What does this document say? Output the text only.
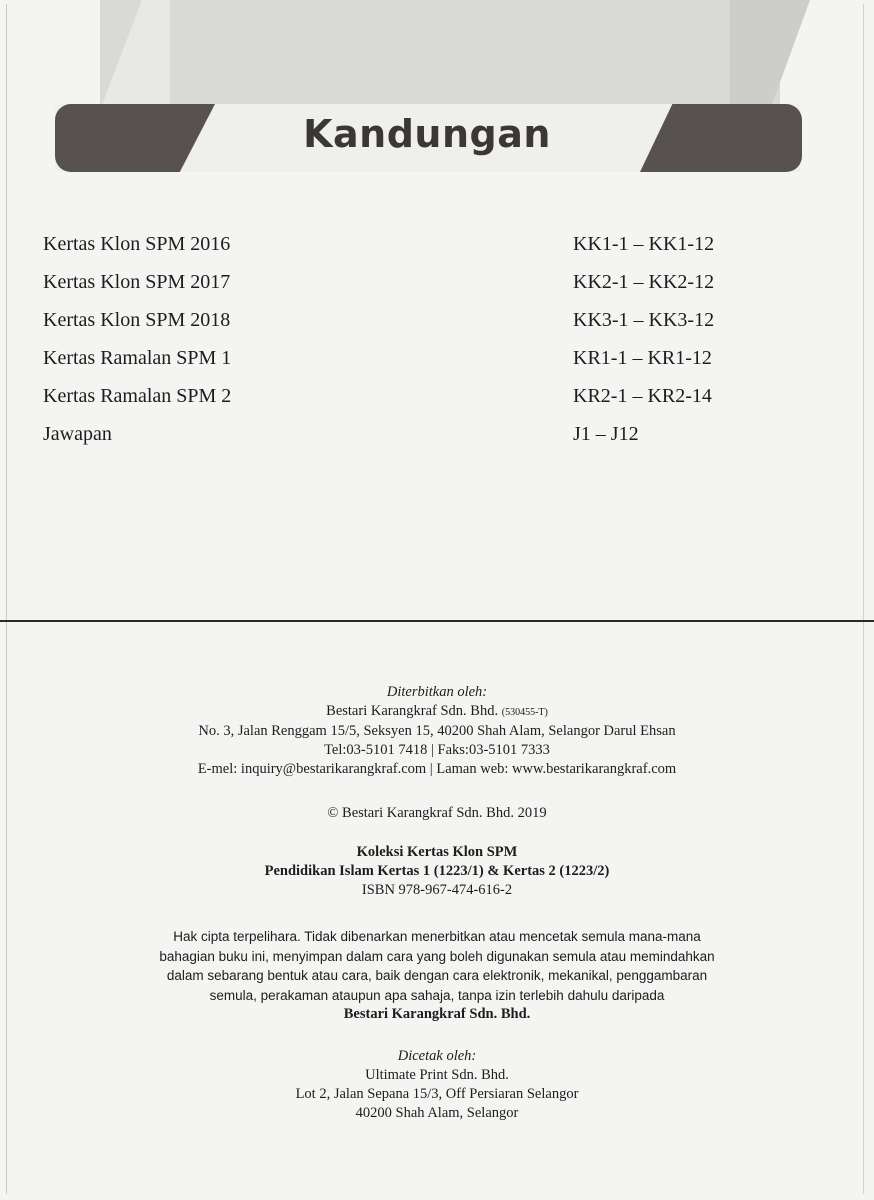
Kandungan
Kertas Klon SPM 2016	KK1-1 – KK1-12
Kertas Klon SPM 2017	KK2-1 – KK2-12
Kertas Klon SPM 2018	KK3-1 – KK3-12
Kertas Ramalan SPM 1	KR1-1 – KR1-12
Kertas Ramalan SPM 2	KR2-1 – KR2-14
Jawapan	J1 – J12
Diterbitkan oleh:
Bestari Karangkraf Sdn. Bhd. (530455-T)
No. 3, Jalan Renggam 15/5, Seksyen 15, 40200 Shah Alam, Selangor Darul Ehsan
Tel:03-5101 7418 | Faks:03-5101 7333
E-mel: inquiry@bestarikarangkraf.com | Laman web: www.bestarikarangkraf.com
© Bestari Karangkraf Sdn. Bhd. 2019
Koleksi Kertas Klon SPM
Pendidikan Islam Kertas 1 (1223/1) & Kertas 2 (1223/2)
ISBN 978-967-474-616-2
Hak cipta terpelihara. Tidak dibenarkan menerbitkan atau mencetak semula mana-mana
bahagian buku ini, menyimpan dalam cara yang boleh digunakan semula atau memindahkan
dalam sebarang bentuk atau cara, baik dengan cara elektronik, mekanikal, penggambaran
semula, perakaman ataupun apa sahaja, tanpa izin terlebih dahulu daripada
Bestari Karangkraf Sdn. Bhd.
Dicetak oleh:
Ultimate Print Sdn. Bhd.
Lot 2, Jalan Sepana 15/3, Off Persiaran Selangor
40200 Shah Alam, Selangor
